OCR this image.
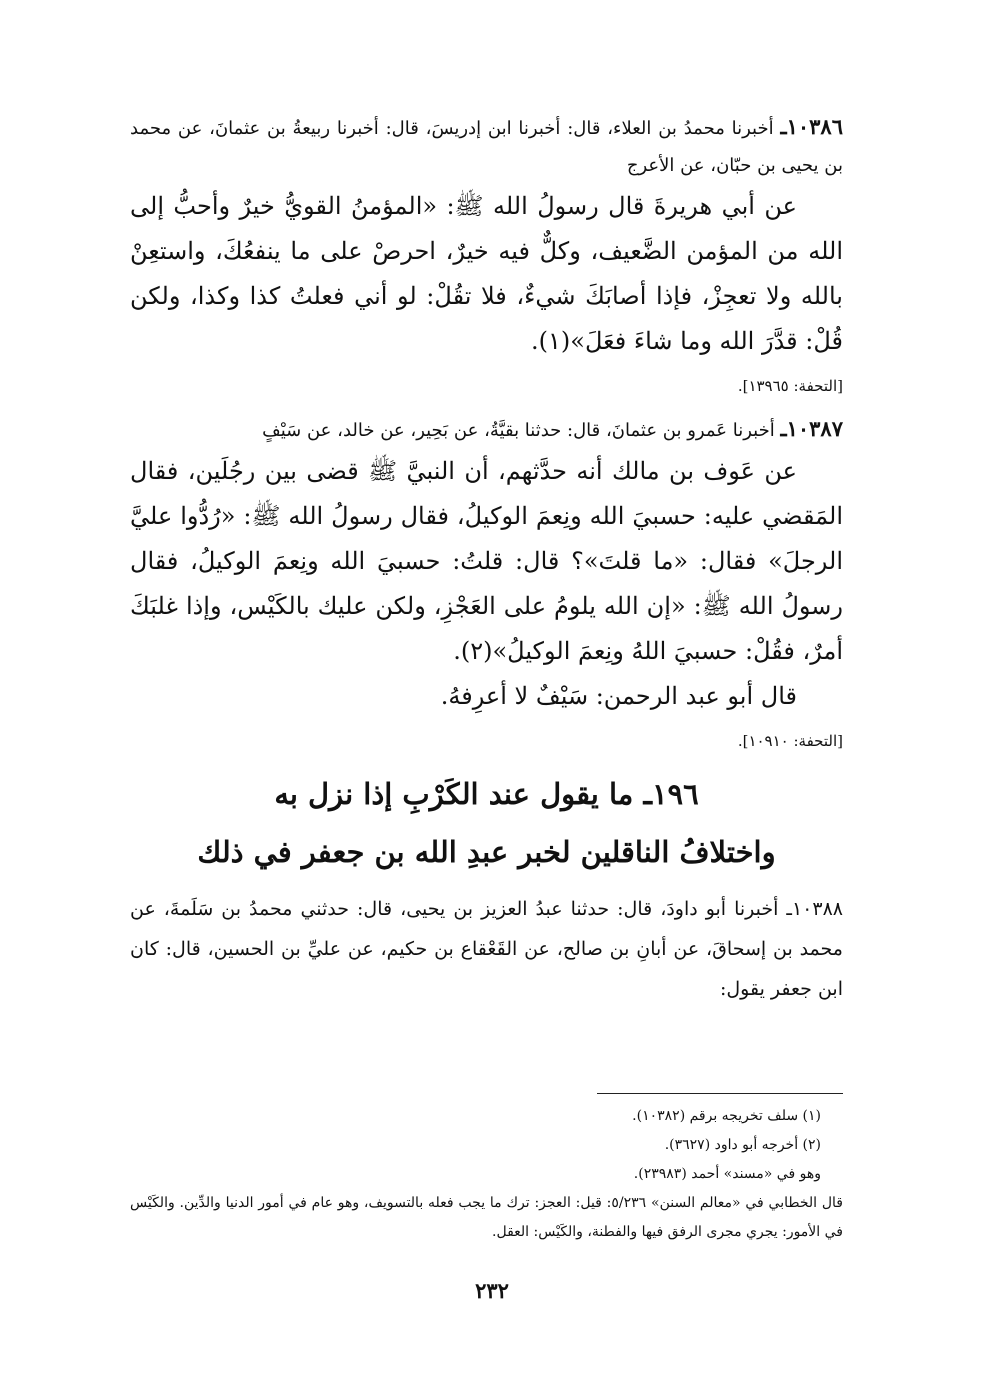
١٠٣٨٦ـ أخبرنا محمدُ بن العلاء، قال: أخبرنا ابن إدريسَ، قال: أخبرنا ربيعةُ بن عثمانَ، عن محمد بن يحيى بن حبّان، عن الأعرج

عن أبي هريرةَ قال رسولُ الله ﷺ: «المؤمنُ القويُّ خيرٌ وأحبُّ إلى الله من المؤمن الضَّعيف، وكلٌّ فيه خيرٌ، احرصْ على ما ينفعُكَ، واستعِنْ بالله ولا تعجِزْ، فإذا أصابَكَ شيءٌ، فلا تقُلْ: لو أني فعلتُ كذا وكذا، ولكن قُلْ: قدَّرَ الله وما شاءَ فعَلَ»(١).

[التحفة: ١٣٩٦٥].

١٠٣٨٧ـ أخبرنا عَمرو بن عثمانَ، قال: حدثنا بقيَّةُ، عن بَحِير، عن خالد، عن سَيْفٍ

عن عَوف بن مالك أنه حدَّثهم، أن النبيَّ ﷺ قضى بين رجُلَين، فقال المَقضي عليه: حسبيَ الله ونِعمَ الوكيلُ، فقال رسولُ الله ﷺ: «رُدُّوا عليَّ الرجلَ» فقال: «ما قلتَ»؟ قال: قلتُ: حسبيَ الله ونِعمَ الوكيلُ، فقال رسولُ الله ﷺ: «إن الله يلومُ على العَجْزِ، ولكن عليك بالكَيْس، وإذا غلبَكَ أمرٌ، فقُلْ: حسبيَ اللهُ ونِعمَ الوكيلُ»(٢).

قال أبو عبد الرحمن: سَيْفٌ لا أعرِفهُ.

[التحفة: ١٠٩١٠].

١٩٦ـ ما يقول عند الكَرْبِ إذا نزل به
واختلافُ الناقلين لخبر عبدِ الله بن جعفر في ذلك

١٠٣٨٨ـ أخبرنا أبو داودَ، قال: حدثنا عبدُ العزيز بن يحيى، قال: حدثني محمدُ بن سَلَمةَ، عن محمد بن إسحاقَ، عن أبانِ بن صالح، عن القَعْقاع بن حكيم، عن عليِّ بن الحسين، قال: كان ابن جعفر يقول:

(١) سلف تخريجه برقم (١٠٣٨٢).

(٢) أخرجه أبو داود (٣٦٢٧).

وهو في «مسند» أحمد (٢٣٩٨٣).

قال الخطابي في «معالم السنن» ٥/٢٣٦: قيل: العجز: ترك ما يجب فعله بالتسويف، وهو عام في أمور الدنيا والدِّين. والكَيْس في الأمور: يجري مجرى الرفق فيها والفطنة، والكَيْس: العقل.

٢٣٢
